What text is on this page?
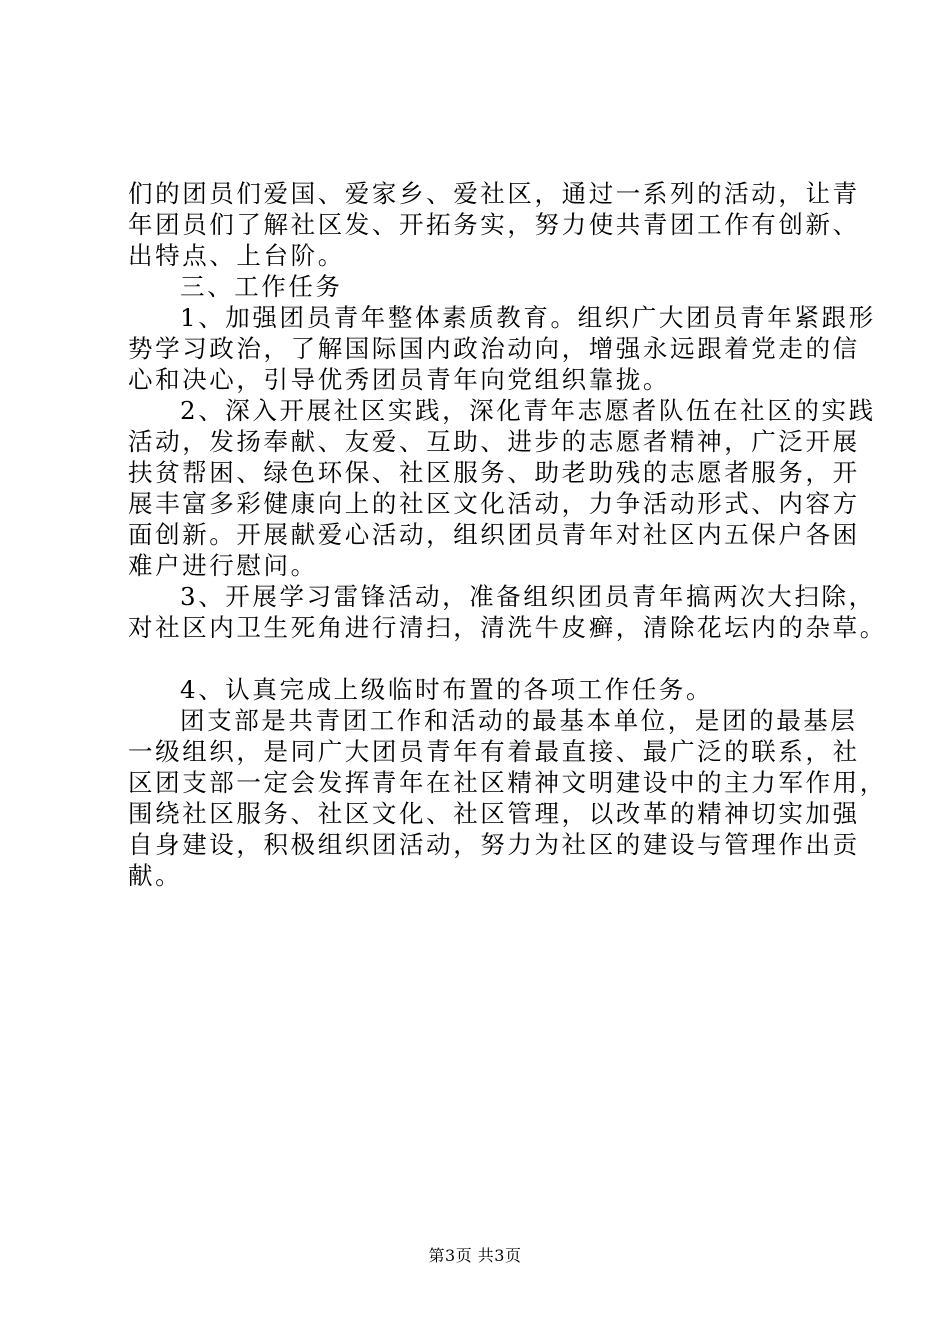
们的团员们爱国、爱家乡、爱社区，通过一系列的活动，让青
年团员们了解社区发、开拓务实，努力使共青团工作有创新、
出特点、上台阶。
三、工作任务
1、加强团员青年整体素质教育。组织广大团员青年紧跟形
势学习政治，了解国际国内政治动向，增强永远跟着党走的信
心和决心，引导优秀团员青年向党组织靠拢。
2、深入开展社区实践，深化青年志愿者队伍在社区的实践
活动，发扬奉献、友爱、互助、进步的志愿者精神，广泛开展
扶贫帮困、绿色环保、社区服务、助老助残的志愿者服务，开
展丰富多彩健康向上的社区文化活动，力争活动形式、内容方
面创新。开展献爱心活动，组织团员青年对社区内五保户各困
难户进行慰问。
3、开展学习雷锋活动，准备组织团员青年搞两次大扫除，
对社区内卫生死角进行清扫，清洗牛皮癣，清除花坛内的杂草。
4、认真完成上级临时布置的各项工作任务。
团支部是共青团工作和活动的最基本单位，是团的最基层
一级组织，是同广大团员青年有着最直接、最广泛的联系，社
区团支部一定会发挥青年在社区精神文明建设中的主力军作用，
围绕社区服务、社区文化、社区管理，以改革的精神切实加强
自身建设，积极组织团活动，努力为社区的建设与管理作出贡
献。
第3页 共3页
